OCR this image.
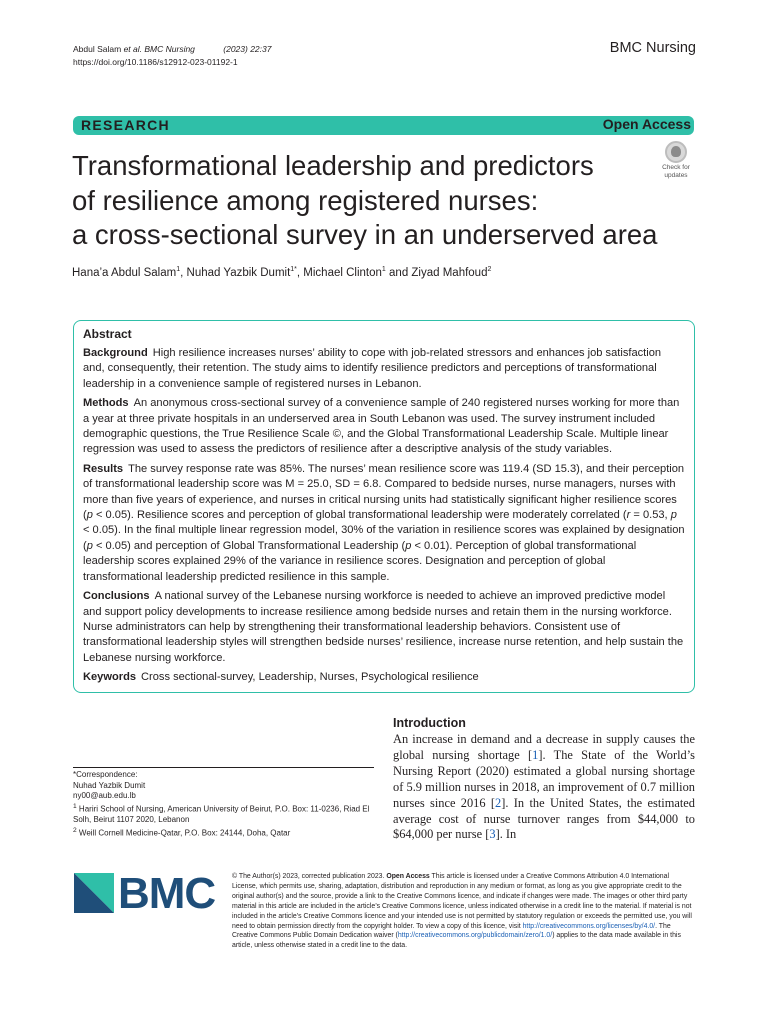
Abdul Salam et al. BMC Nursing	(2023) 22:37
https://doi.org/10.1186/s12912-023-01192-1
BMC Nursing
RESEARCH	Open Access
Transformational leadership and predictors
of resilience among registered nurses:
a cross-sectional survey in an underserved area
Check for
updates
Hana’a Abdul Salam$^1$, Nuhad Yazbik Dumit$^{1*}$, Michael Clinton$^1$ and Ziyad Mahfoud$^2$
Abstract

Background High resilience increases nurses’ ability to cope with job-related stressors and enhances job satisfaction and, consequently, their retention. The study aims to identify resilience predictors and perceptions of transformational leadership in a convenience sample of registered nurses in Lebanon.

Methods An anonymous cross-sectional survey of a convenience sample of 240 registered nurses working for more than a year at three private hospitals in an underserved area in South Lebanon was used. The survey instrument included demographic questions, the True Resilience Scale ©, and the Global Transformational Leadership Scale. Multiple linear regression was used to assess the predictors of resilience after a descriptive analysis of the study variables.

Results The survey response rate was 85%. The nurses’ mean resilience score was 119.4 (SD 15.3), and their perception of transformational leadership score was M = 25.0, SD = 6.8. Compared to bedside nurses, nurse managers, nurses with more than five years of experience, and nurses in critical nursing units had statistically significant higher resilience scores (p < 0.05). Resilience scores and perception of global transformational leadership were moderately correlated (r = 0.53, p < 0.05). In the final multiple linear regression model, 30% of the variation in resilience scores was explained by designation (p < 0.05) and perception of Global Transformational Leadership (p < 0.01). Perception of global transformational leadership scores explained 29% of the variance in resilience scores. Designation and perception of global transformational leadership predicted resilience in this sample.

Conclusions A national survey of the Lebanese nursing workforce is needed to achieve an improved predictive model and support policy developments to increase resilience among bedside nurses and retain them in the nursing workforce. Nurse administrators can help by strengthening their transformational leadership behaviors. Consistent use of transformational leadership styles will strengthen bedside nurses’ resilience, increase nurse retention, and help sustain the Lebanese nursing workforce.

Keywords Cross sectional-survey, Leadership, Nurses, Psychological resilience

*Correspondence:
Nuhad Yazbik Dumit
ny00@aub.edu.lb
$^1$ Hariri School of Nursing, American University of Beirut, P.O. Box: 11-0236, Riad El Solh, Beirut 1107 2020, Lebanon
$^2$ Weill Cornell Medicine-Qatar, P.O. Box: 24144, Doha, Qatar
Introduction
An increase in demand and a decrease in supply causes the global nursing shortage [1]. The State of the World’s Nursing Report (2020) estimated a global nursing shortage of 5.9 million nurses in 2018, an improvement of 0.7 million nurses since 2016 [2]. In the United States, the estimated average cost of nurse turnover ranges from $44,000 to $64,000 per nurse [3]. In
BMC © The Author(s) 2023, corrected publication 2023. Open Access This article is licensed under a Creative Commons Attribution 4.0 International License, which permits use, sharing, adaptation, distribution and reproduction in any medium or format, as long as you give appropriate credit to the original author(s) and the source, provide a link to the Creative Commons licence, and indicate if changes were made. The images or other third party material in this article are included in the article’s Creative Commons licence, unless indicated otherwise in a credit line to the material. If material is not included in the article’s Creative Commons licence and your intended use is not permitted by statutory regulation or exceeds the permitted use, you will need to obtain permission directly from the copyright holder. To view a copy of this licence, visit http://creativecommons.org/licenses/by/4.0/. The Creative Commons Public Domain Dedication waiver (http://creativecommons.org/publicdomain/zero/1.0/) applies to the data made available in this article, unless otherwise stated in a credit line to the data.
